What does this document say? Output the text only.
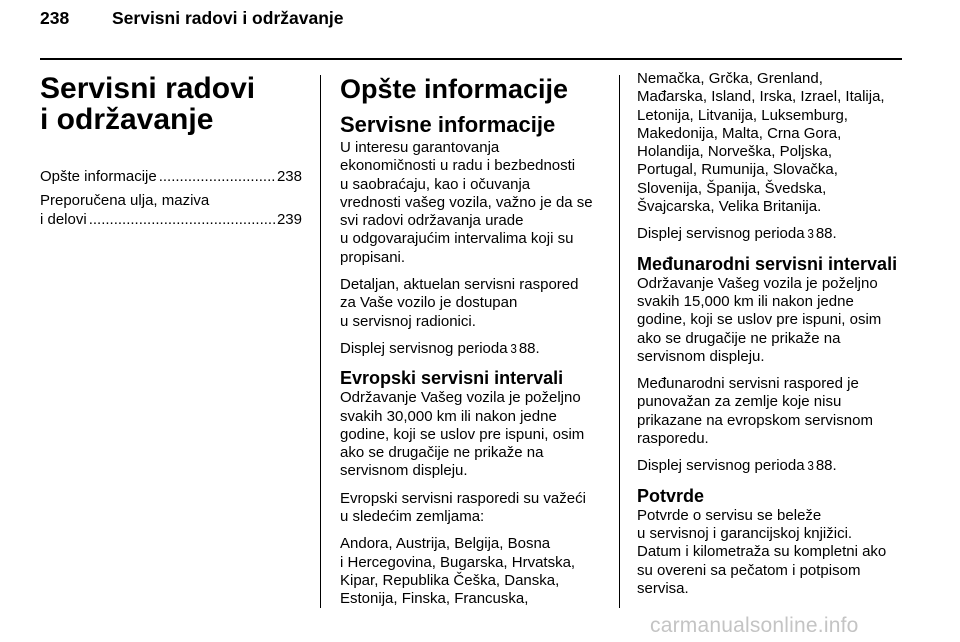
238 Servisni radovi i održavanje
Servisni radovi
i održavanje
Opšte informacije .....	238
Preporučena ulja, maziva
i delovi .....	239
Opšte informacije
Servisne informacije

U interesu garantovanja
ekonomičnosti u radu i bezbednosti
u saobraćaju, kao i očuvanja
vrednosti vašeg vozila, važno je da se
svi radovi održavanja urade
u odgovarajućim intervalima koji su
propisani.

Detaljan, aktuelan servisni raspored
za Vaše vozilo je dostupan
u servisnoj radionici.

Displej servisnog perioda 3 88.

Evropski servisni intervali

Održavanje Vašeg vozila je poželjno
svakih 30,000 km ili nakon jedne
godine, koji se uslov pre ispuni, osim
ako se drugačije ne prikaže na
servisnom displeju.

Evropski servisni rasporedi su važeći
u sledećim zemljama:

Andora, Austrija, Belgija, Bosna
i Hercegovina, Bugarska, Hrvatska,
Kipar, Republika Češka, Danska,
Estonija, Finska, Francuska,

Nemačka, Grčka, Grenland,
Mađarska, Island, Irska, Izrael, Italija,
Letonija, Litvanija, Luksemburg,
Makedonija, Malta, Crna Gora,
Holandija, Norveška, Poljska,
Portugal, Rumunija, Slovačka,
Slovenija, Španija, Švedska,
Švajcarska, Velika Britanija.

Displej servisnog perioda 3 88.

Međunarodni servisni intervali

Održavanje Vašeg vozila je poželjno
svakih 15,000 km ili nakon jedne
godine, koji se uslov pre ispuni, osim
ako se drugačije ne prikaže na
servisnom displeju.

Međunarodni servisni raspored je
punovažan za zemlje koje nisu
prikazane na evropskom servisnom
rasporedu.

Displej servisnog perioda 3 88.

Potvrde

Potvrde o servisu se beleže
u servisnoj i garancijskoj knjižici.
Datum i kilometraža su kompletni ako
su overeni sa pečatom i potpisom
servisa.

carmanualsonline.info
